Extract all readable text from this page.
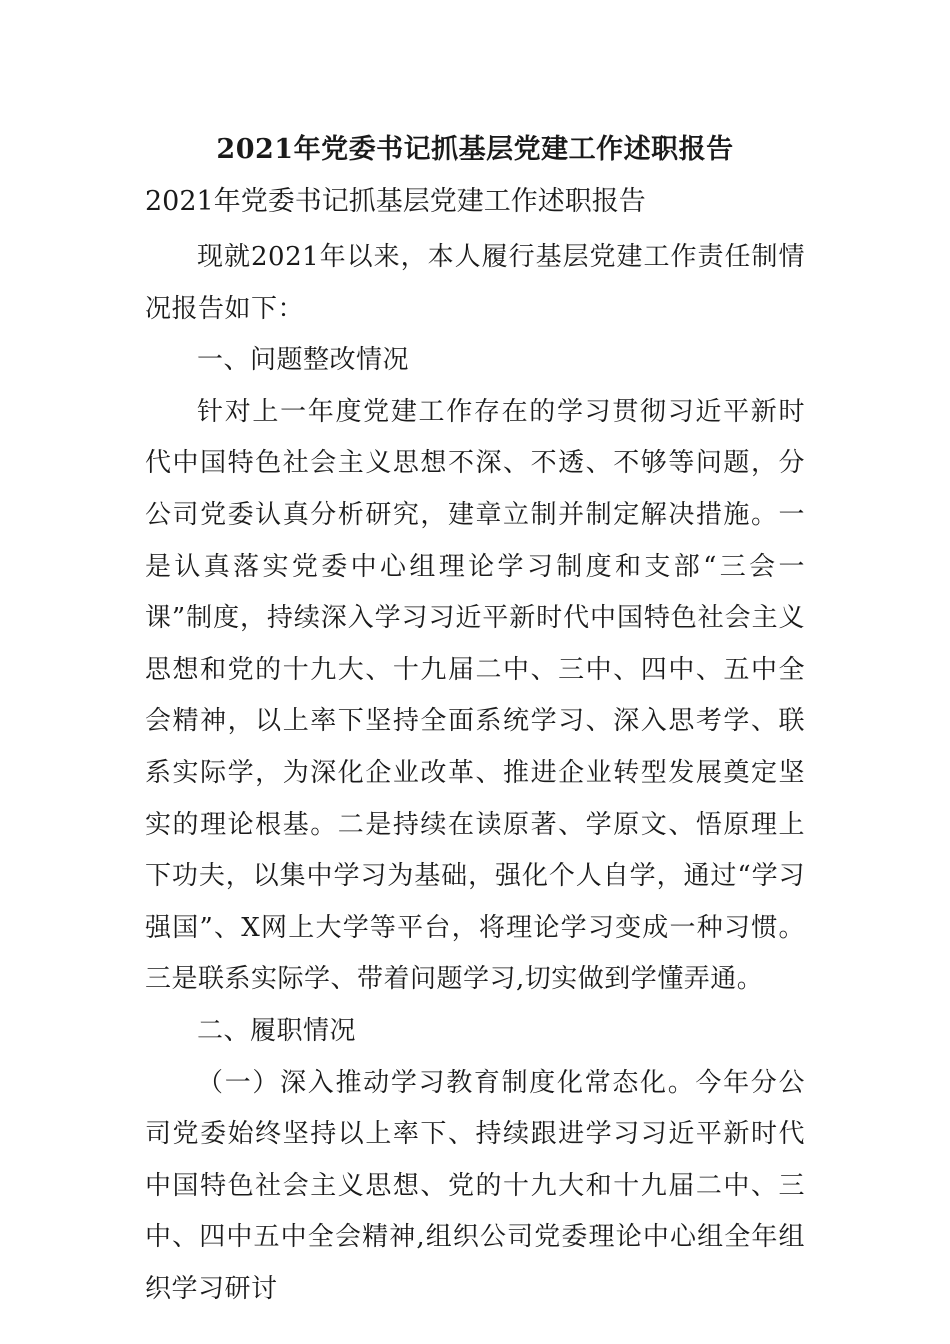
2021年党委书记抓基层党建工作述职报告

2021年党委书记抓基层党建工作述职报告

现就2021年以来，本人履行基层党建工作责任制情况报告如下：

一、问题整改情况

针对上一年度党建工作存在的学习贯彻习近平新时代中国特色社会主义思想不深、不透、不够等问题，分公司党委认真分析研究，建章立制并制定解决措施。一是认真落实党委中心组理论学习制度和支部“三会一课”制度，持续深入学习习近平新时代中国特色社会主义思想和党的十九大、十九届二中、三中、四中、五中全会精神，以上率下坚持全面系统学习、深入思考学、联系实际学，为深化企业改革、推进企业转型发展奠定坚实的理论根基。二是持续在读原著、学原文、悟原理上下功夫，以集中学习为基础，强化个人自学，通过“学习强国”、X网上大学等平台，将理论学习变成一种习惯。三是联系实际学、带着问题学习,切实做到学懂弄通。

二、履职情况

（一）深入推动学习教育制度化常态化。今年分公司党委始终坚持以上率下、持续跟进学习习近平新时代中国特色社会主义思想、党的十九大和十九届二中、三中、四中五中全会精神,组织公司党委理论中心组全年组织学习研讨
